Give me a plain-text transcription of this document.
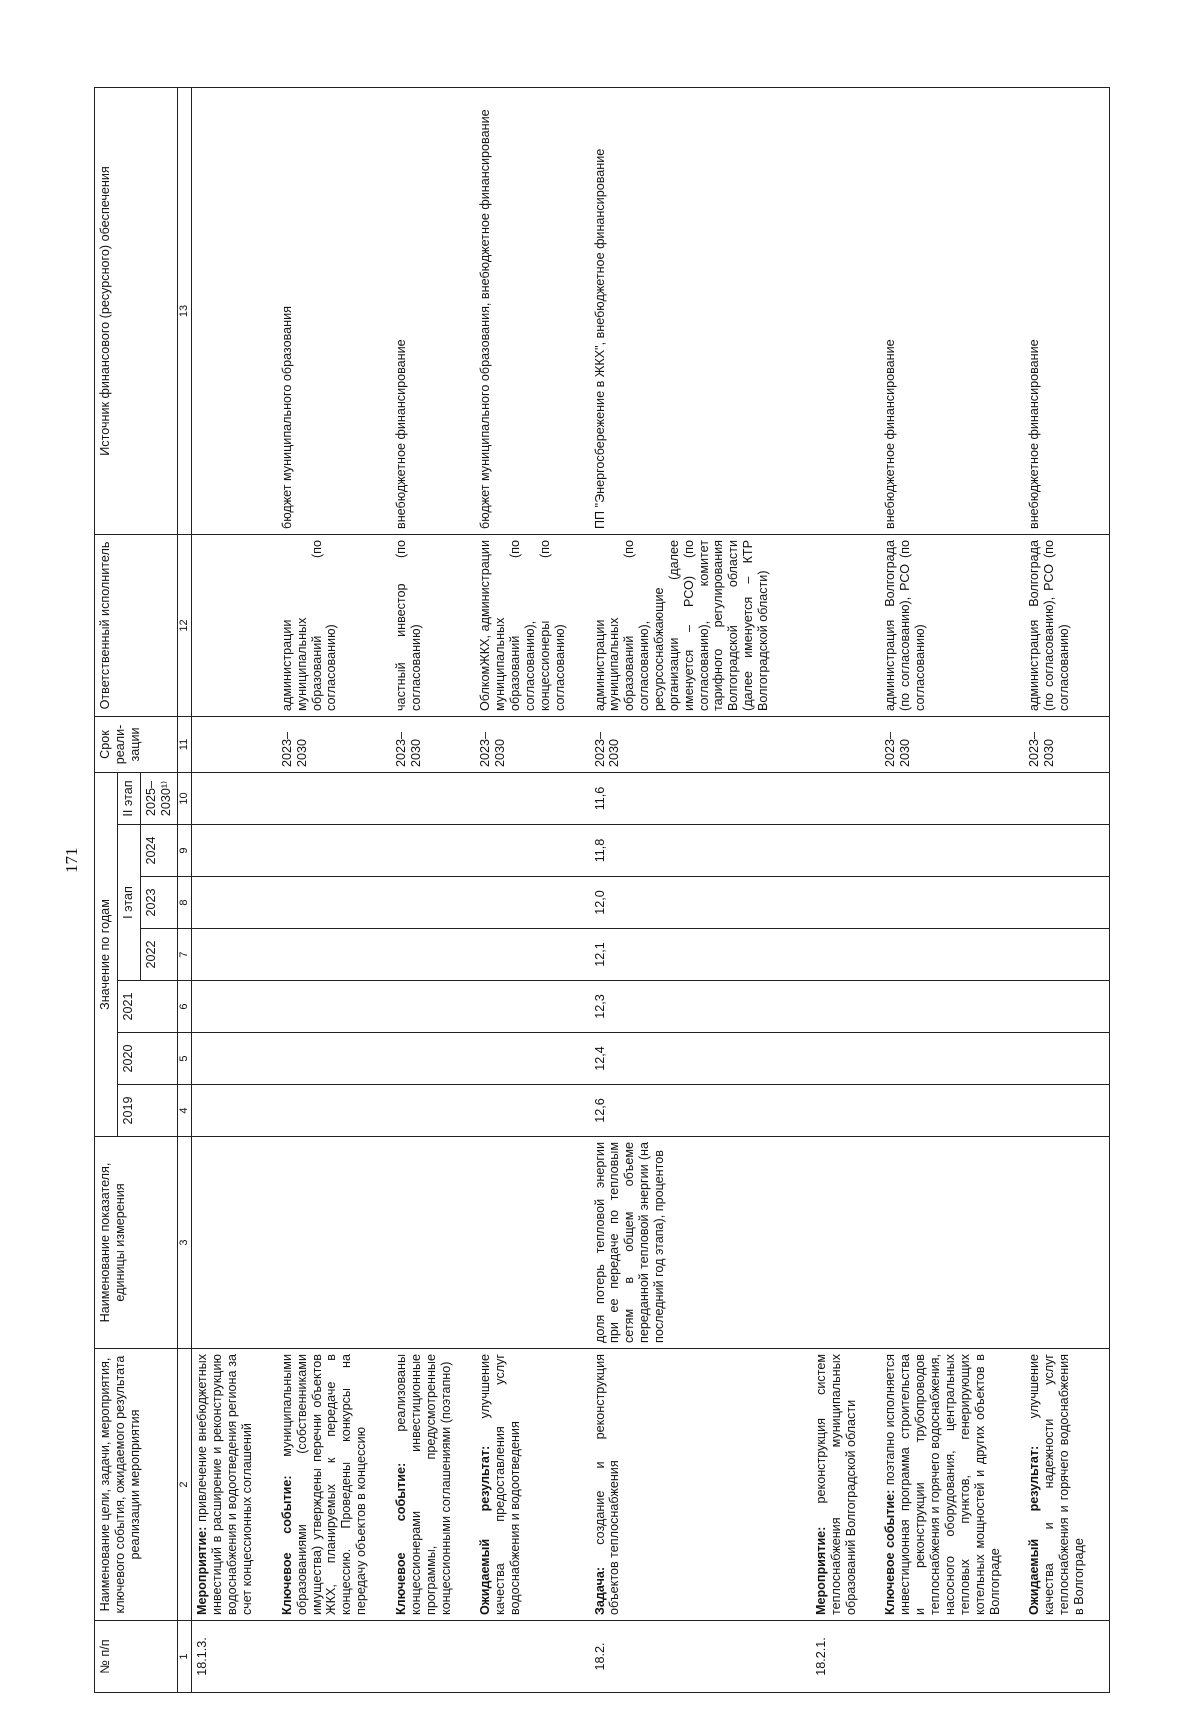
171
№ п/п	Наименование цели, задачи, мероприятия, ключевого события, ожидаемого результата реализации мероприятия	Наименование показателя, единицы измерения	Значение по годам							Срок реали-зации	Ответственный исполнитель	Источник финансового (ресурсного) обеспечения
			2019	2020	2021	I этап			II этап			
						2022	2023	2024	2025–2030¹⁾			
1	2	3	4	5	6	7	8	9	10	11	12	13
18.1.3.	Мероприятие: привлечение внебюджетных инвестиций в расширение и реконструкцию водоснабжения и водоотведения региона за счет концессионных соглашений											
	Ключевое событие: муниципальными образованиями (собственниками имущества) утверждены перечни объектов ЖКХ, планируемых к передаче в концессию. Проведены конкурсы на передачу объектов в концессию									2023–2030	администрации муниципальных образований (по согласованию)	бюджет муниципального образования
	Ключевое событие: реализованы концессионерами инвестиционные программы, предусмотренные концессионными соглашениями (поэтапно)									2023–2030	частный инвестор (по согласованию)	внебюджетное финансирование
	Ожидаемый результат: улучшение качества предоставления услуг водоснабжения и водоотведения									2023–2030	ОблкомЖКХ, администрации муниципальных образований (по согласованию), концессионеры (по согласованию)	бюджет муниципального образования, внебюджетное финансирование
18.2.	Задача: создание и реконструкция объектов теплоснабжения	доля потерь тепловой энергии при ее передаче по тепловым сетям в общем объеме переданной тепловой энергии (на последний год этапа), процентов	12,6	12,4	12,3	12,1	12,0	11,8	11,6	2023–2030	администрации муниципальных образований (по согласованию), ресурсоснабжающие организации (далее именуется – РСО) (по согласованию), комитет тарифного регулирования Волгоградской области (далее именуется – КТР Волгоградской области)	ПП "Энергосбережение в ЖКХ", внебюджетное финансирование
18.2.1.	Мероприятие: реконструкция систем теплоснабжения муниципальных образований Волгоградской области											
	Ключевое событие: поэтапно исполняется инвестиционная программа строительства и реконструкции трубопроводов теплоснабжения и горячего водоснабжения, насосного оборудования, центральных тепловых пунктов, генерирующих котельных мощностей и других объектов в Волгограде									2023–2030	администрация Волгограда (по согласованию), РСО (по согласованию)	внебюджетное финансирование
	Ожидаемый результат: улучшение качества и надежности услуг теплоснабжения и горячего водоснабжения в Волгограде									2023–2030	администрация Волгограда (по согласованию), РСО (по согласованию)	внебюджетное финансирование
